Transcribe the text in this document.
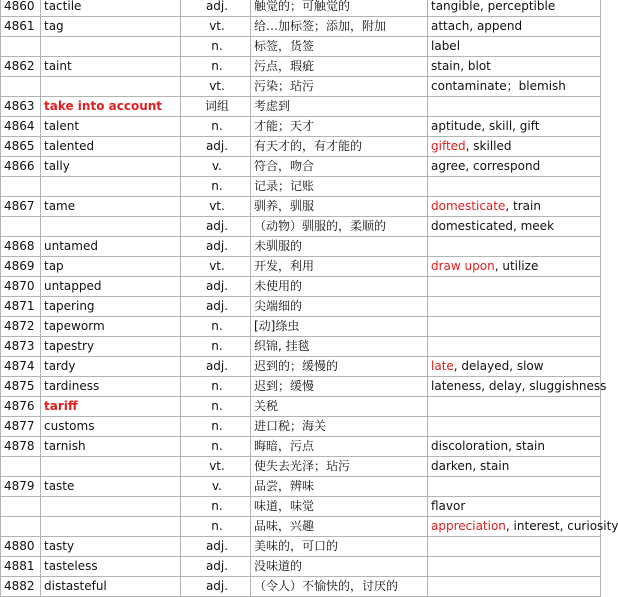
4860	tactile	adj.	触觉的；可触觉的	tangible, perceptible
4861	tag	vt.	给…加标签；添加，附加	attach, append
		n.	标签，货签	label
4862	taint	n.	污点，瑕疵	stain, blot
		vt.	污染；玷污	contaminate；blemish
4863	take into account	词组	考虑到	
4864	talent	n.	才能；天才	aptitude, skill, gift
4865	talented	adj.	有天才的，有才能的	gifted, skilled
4866	tally	v.	符合，吻合	agree, correspond
		n.	记录；记账	
4867	tame	vt.	驯养，驯服	domesticate, train
		adj.	（动物）驯服的，柔顺的	domesticated, meek
4868	untamed	adj.	未驯服的	
4869	tap	vt.	开发，利用	draw upon, utilize
4870	untapped	adj.	未使用的	
4871	tapering	adj.	尖端细的	
4872	tapeworm	n.	[动]绦虫	
4873	tapestry	n.	织锦, 挂毯	
4874	tardy	adj.	迟到的；缓慢的	late, delayed, slow
4875	tardiness	n.	迟到；缓慢	lateness, delay, sluggishness
4876	tariff	n.	关税	
4877	customs	n.	进口税；海关	
4878	tarnish	n.	晦暗，污点	discoloration, stain
		vt.	使失去光泽；玷污	darken, stain
4879	taste	v.	品尝，辨味	
		n.	味道，味觉	flavor
		n.	品味，兴趣	appreciation, interest, curiosity
4880	tasty	adj.	美味的，可口的	
4881	tasteless	adj.	没味道的	
4882	distasteful	adj.	（令人）不愉快的，讨厌的	
